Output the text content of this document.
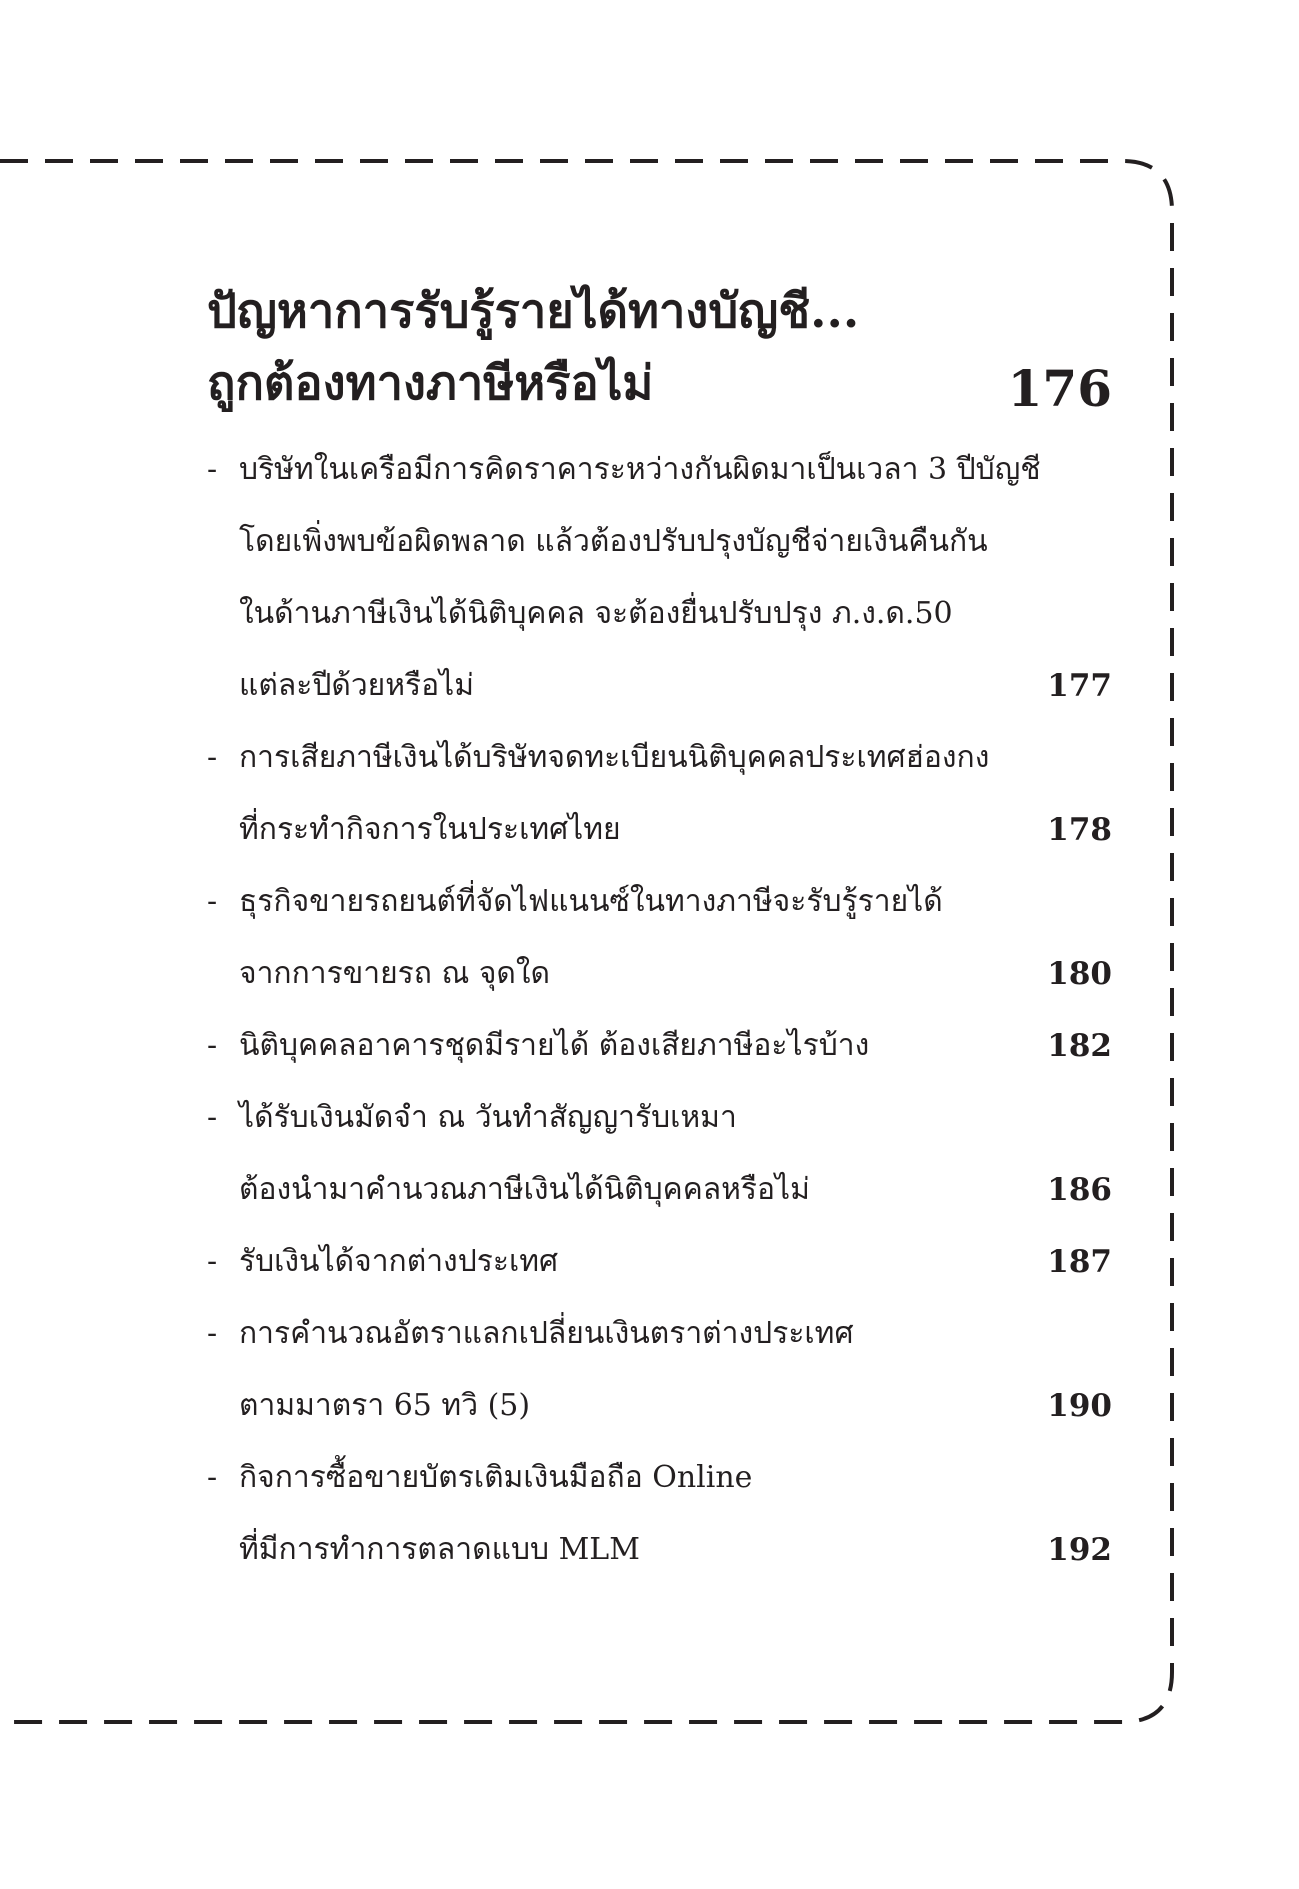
ปัญหาการรับรู้รายได้ทางบัญชี...
ถูกต้องทางภาษีหรือไม่	176
- บริษัทในเครือมีการคิดราคาระหว่างกันผิดมาเป็นเวลา 3 ปีบัญชี
โดยเพิ่งพบข้อผิดพลาด แล้วต้องปรับปรุงบัญชีจ่ายเงินคืนกัน
ในด้านภาษีเงินได้นิติบุคคล จะต้องยื่นปรับปรุง ภ.ง.ด.50
แต่ละปีด้วยหรือไม่	177
- การเสียภาษีเงินได้บริษัทจดทะเบียนนิติบุคคลประเทศฮ่องกง
ที่กระทำกิจการในประเทศไทย	178
- ธุรกิจขายรถยนต์ที่จัดไฟแนนซ์ในทางภาษีจะรับรู้รายได้
จากการขายรถ ณ จุดใด	180
- นิติบุคคลอาคารชุดมีรายได้ ต้องเสียภาษีอะไรบ้าง	182
- ได้รับเงินมัดจำ ณ วันทำสัญญารับเหมา
ต้องนำมาคำนวณภาษีเงินได้นิติบุคคลหรือไม่	186
- รับเงินได้จากต่างประเทศ	187
- การคำนวณอัตราแลกเปลี่ยนเงินตราต่างประเทศ
ตามมาตรา 65 ทวิ (5)	190
- กิจการซื้อขายบัตรเติมเงินมือถือ Online
ที่มีการทำการตลาดแบบ MLM	192
